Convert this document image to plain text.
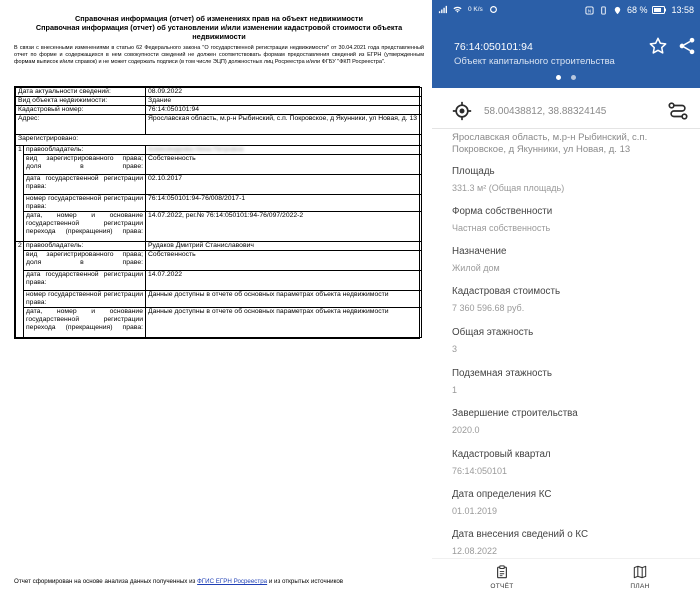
Справочная информация (отчет) об изменениях прав на объект недвижимости
Справочная информация (отчет) об установлении и/или изменении кадастровой стоимости объекта недвижимости
В связи с внесенными изменениями в статью 62 Федерального закона "О государственной регистрации недвижимости" от 30.04.2021 года представленный отчет по форме и содержащихся в нем совокупности сведений не должен соответствовать формам предоставления сведений из ЕГРН (утвержденным формам выписок и/или справок) и не может содержать подписи (в том числе ЭЦП) должностных лиц Росреестра и/или ФГБУ "ФКП Росреестра".

Дата актуальности сведений:		08.09.2022
Вид объекта недвижимости:		Здание
Кадастровый номер:		76:14:050101:94
Адрес:		Ярославская область, м.р-н Рыбинский, с.п. Покровское, д Якунники, ул Новая, д. 13
Зарегистрировано:		
1	правообладатель:	Александрова Нина Петровна
	вид зарегистрированного права; доля в праве:	Собственность
	дата государственной регистрации права:	02.10.2017
	номер государственной регистрации права:	76:14:050101:94-76/008/2017-1
	дата, номер и основание государственной регистрации перехода (прекращения) права:	14.07.2022, рег.№ 76:14:050101:94-76/097/2022-2
2	правообладатель:	Рудаков Дмитрий Станиславович
	вид зарегистрированного права; доля в праве:	Собственность
	дата государственной регистрации права:	14.07.2022
	номер государственной регистрации права:	Данные доступны в отчете об основных параметрах объекта недвижимости
	дата, номер и основание государственной регистрации перехода (прекращения) права:	Данные доступны в отчете об основных параметрах объекта недвижимости
Отчет сформирован на основе анализа данных полученных из ФГИС ЕГРН Росреестра и из открытых источников
0 K/s	N	68 %	13:58
76:14:050101:94
Объект капитального строительства
58.00438812, 38.88324145
Ярославская область, м.р-н Рыбинский, с.п. Покровское, д Якунники, ул Новая, д. 13
Площадь
331.3 м² (Общая площадь)
Форма собственности
Частная собственность
Назначение
Жилой дом
Кадастровая стоимость
7 360 596.68 руб.
Общая этажность
3
Подземная этажность
1
Завершение строительства
2020.0
Кадастровый квартал
76:14:050101
Дата определения КС
01.01.2019
Дата внесения сведений о КС
12.08.2022
ОТЧЁТ	ПЛАН
